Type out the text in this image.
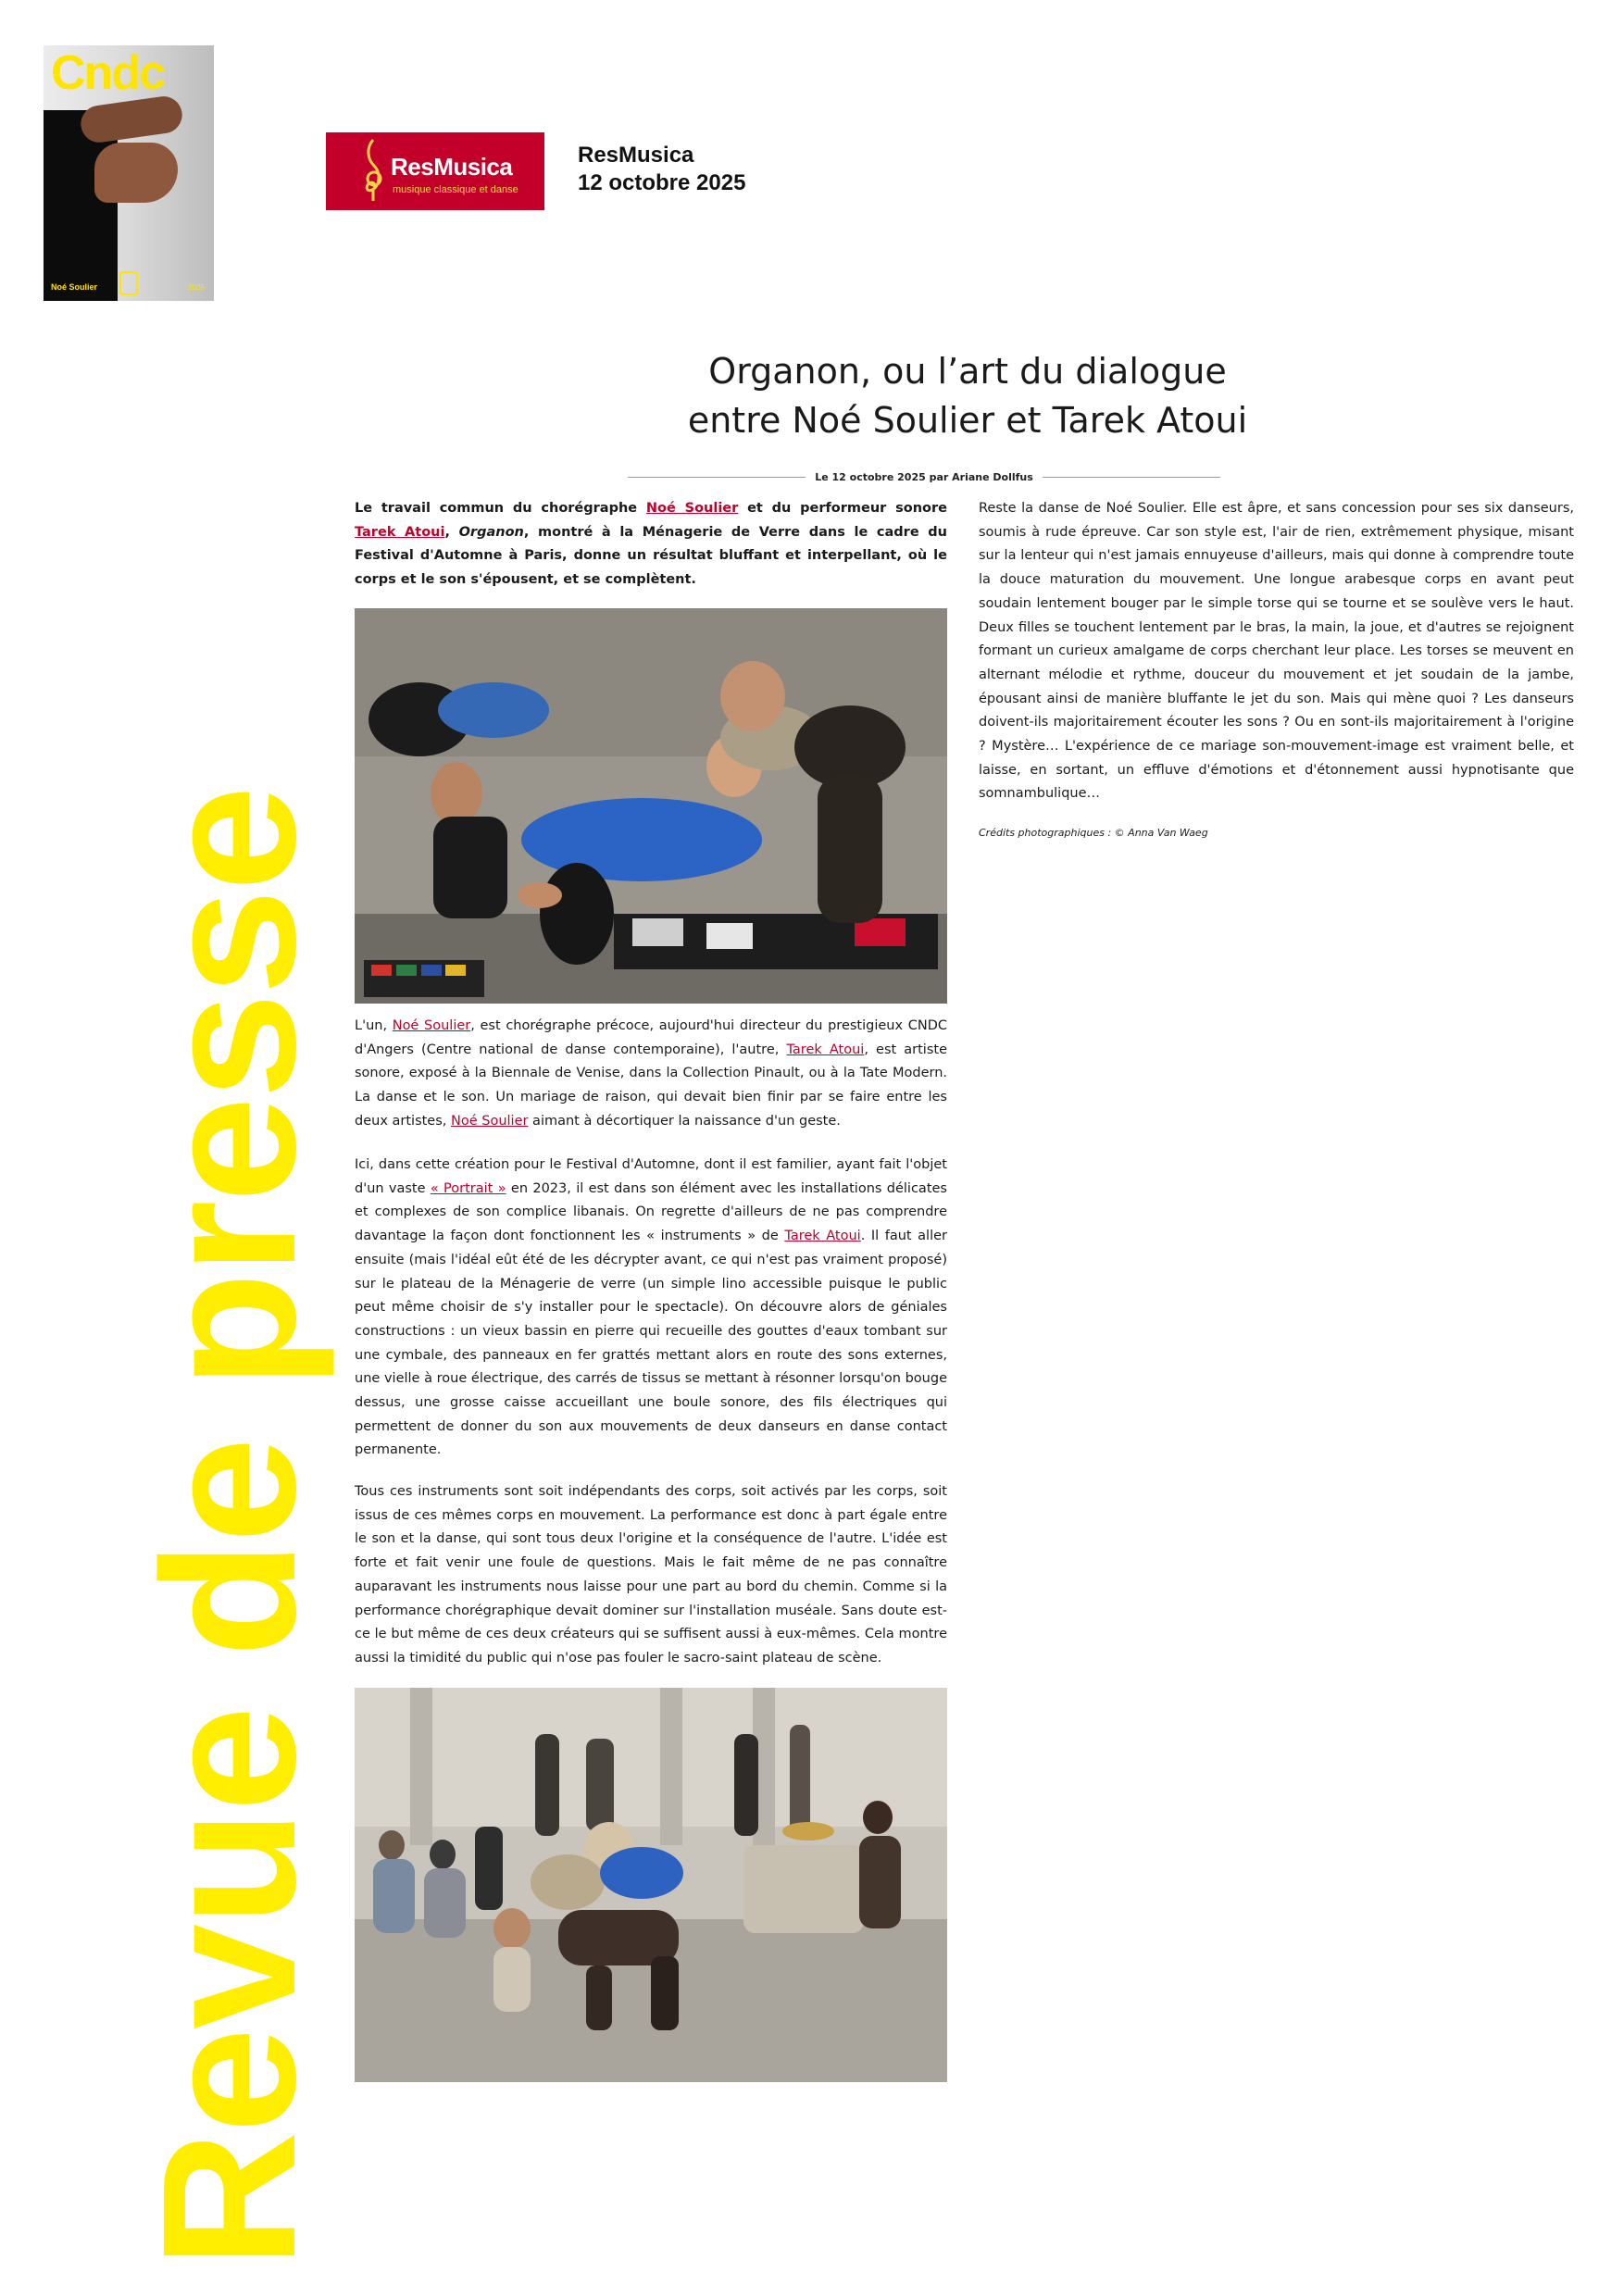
Cndc
Noé Soulier	2025
Revue de presse
ResMusica
musique classique et danse

ResMusica

12 octobre 2025

Organon, ou l’art du dialogue
entre Noé Soulier et Tarek Atoui
Le 12 octobre 2025 par Ariane Dollfus

Le travail commun du chorégraphe Noé Soulier et du performeur sonore Tarek Atoui, Organon, montré à la Ménagerie de Verre dans le cadre du Festival d'Automne à Paris, donne un résultat bluffant et interpellant, où le corps et le son s'épousent, et se complètent.

L'un, Noé Soulier, est chorégraphe précoce, aujourd'hui directeur du prestigieux CNDC d'Angers (Centre national de danse contemporaine), l'autre, Tarek Atoui, est artiste sonore, exposé à la Biennale de Venise, dans la Collection Pinault, ou à la Tate Modern. La danse et le son. Un mariage de raison, qui devait bien finir par se faire entre les deux artistes, Noé Soulier aimant à décortiquer la naissance d'un geste.

Ici, dans cette création pour le Festival d'Automne, dont il est familier, ayant fait l'objet d'un vaste « Portrait » en 2023, il est dans son élément avec les installations délicates et complexes de son complice libanais. On regrette d'ailleurs de ne pas comprendre davantage la façon dont fonctionnent les « instruments » de Tarek Atoui. Il faut aller ensuite (mais l'idéal eût été de les décrypter avant, ce qui n'est pas vraiment proposé) sur le plateau de la Ménagerie de verre (un simple lino accessible puisque le public peut même choisir de s'y installer pour le spectacle). On découvre alors de géniales constructions : un vieux bassin en pierre qui recueille des gouttes d'eaux tombant sur une cymbale, des panneaux en fer grattés mettant alors en route des sons externes, une vielle à roue électrique, des carrés de tissus se mettant à résonner lorsqu'on bouge dessus, une grosse caisse accueillant une boule sonore, des fils électriques qui permettent de donner du son aux mouvements de deux danseurs en danse contact permanente.

Tous ces instruments sont soit indépendants des corps, soit activés par les corps, soit issus de ces mêmes corps en mouvement. La performance est donc à part égale entre le son et la danse, qui sont tous deux l'origine et la conséquence de l'autre. L'idée est forte et fait venir une foule de questions. Mais le fait même de ne pas connaître auparavant les instruments nous laisse pour une part au bord du chemin. Comme si la performance chorégraphique devait dominer sur l'installation muséale. Sans doute est-ce le but même de ces deux créateurs qui se suffisent aussi à eux-mêmes. Cela montre aussi la timidité du public qui n'ose pas fouler le sacro-saint plateau de scène.

Reste la danse de Noé Soulier. Elle est âpre, et sans concession pour ses six danseurs, soumis à rude épreuve. Car son style est, l'air de rien, extrêmement physique, misant sur la lenteur qui n'est jamais ennuyeuse d'ailleurs, mais qui donne à comprendre toute la douce maturation du mouvement. Une longue arabesque corps en avant peut soudain lentement bouger par le simple torse qui se tourne et se soulève vers le haut. Deux filles se touchent lentement par le bras, la main, la joue, et d'autres se rejoignent formant un curieux amalgame de corps cherchant leur place. Les torses se meuvent en alternant mélodie et rythme, douceur du mouvement et jet soudain de la jambe, épousant ainsi de manière bluffante le jet du son. Mais qui mène quoi ? Les danseurs doivent-ils majoritairement écouter les sons ? Ou en sont-ils majoritairement à l'origine ? Mystère… L'expérience de ce mariage son-mouvement-image est vraiment belle, et laisse, en sortant, un effluve d'émotions et d'étonnement aussi hypnotisante que somnambulique…

Crédits photographiques : © Anna Van Waeg
